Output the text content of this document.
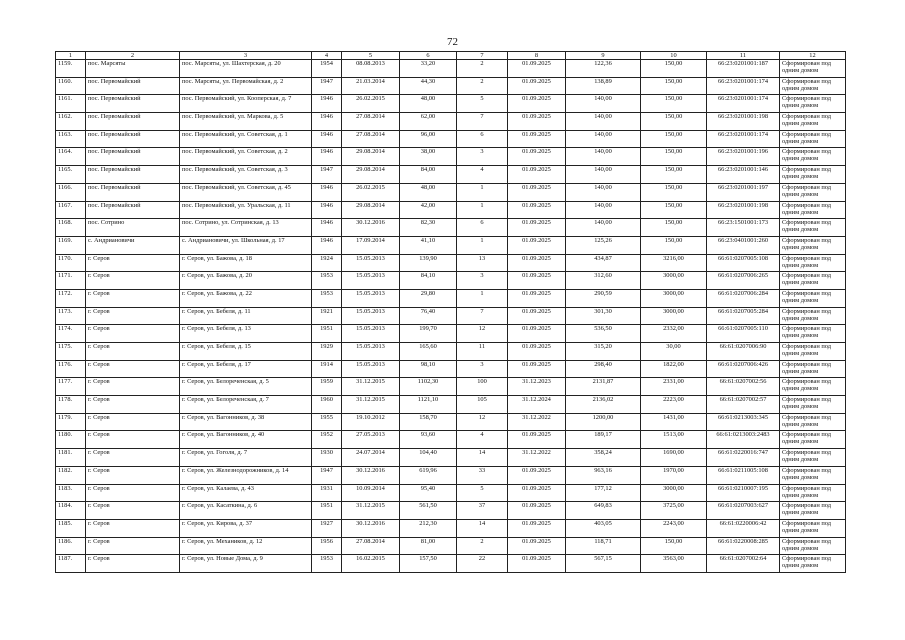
72
1	2	3	4	5	6	7	8	9	10	11	12
1159.	пос. Марсяты	пос. Марсяты, ул. Шахтерская, д. 20	1954	08.08.2013	33,20	2	01.09.2025	122,36	150,00	66:23:0201001:187	Сформирован под одним домом
1160.	пос. Первомайский	пос. Марсяты, ул. Первомайская, д. 2	1947	21.03.2014	44,30	2	01.09.2025	138,89	150,00	66:23:0201001:174	Сформирован под одним домом
1161.	пос. Первомайский	пос. Первомайский, ул. Кооперская, д. 7	1946	26.02.2015	48,00	5	01.09.2025	140,00	150,00	66:23:0201001:174	Сформирован под одним домом
1162.	пос. Первомайский	пос. Первомайский, ул. Маркова, д. 5	1946	27.08.2014	62,00	7	01.09.2025	140,00	150,00	66:23:0201001:198	Сформирован под одним домом
1163.	пос. Первомайский	пос. Первомайский, ул. Советская, д. 1	1946	27.08.2014	96,00	6	01.09.2025	140,00	150,00	66:23:0201001:174	Сформирован под одним домом
1164.	пос. Первомайский	пос. Первомайский, ул. Советская, д. 2	1946	29.08.2014	38,00	3	01.09.2025	140,00	150,00	66:23:0201001:196	Сформирован под одним домом
1165.	пос. Первомайский	пос. Первомайский, ул. Советская, д. 3	1947	29.08.2014	84,00	4	01.09.2025	140,00	150,00	66:23:0201001:146	Сформирован под одним домом
1166.	пос. Первомайский	пос. Первомайский, ул. Советская, д. 45	1946	26.02.2015	48,00	1	01.09.2025	140,00	150,00	66:23:0201001:197	Сформирован под одним домом
1167.	пос. Первомайский	пос. Первомайский, ул. Уральская, д. 11	1946	29.08.2014	42,00	1	01.09.2025	140,00	150,00	66:23:0201001:198	Сформирован под одним домом
1168.	пос. Сотрино	пос. Сотрино, ул. Сотринская, д. 13	1946	30.12.2016	82,30	6	01.09.2025	140,00	150,00	66:23:1501001:173	Сформирован под одним домом
1169.	с. Андриановичи	с. Андриановичи, ул. Школьная, д. 17	1946	17.09.2014	41,10	1	01.09.2025	125,26	150,00	66:23:0401001:260	Сформирован под одним домом
1170.	г. Серов	г. Серов, ул. Бажова, д. 18	1924	15.05.2013	139,90	13	01.09.2025	434,87	3216,00	66:61:0207005:108	Сформирован под одним домом
1171.	г. Серов	г. Серов, ул. Бажова, д. 20	1953	15.05.2013	84,10	3	01.09.2025	312,60	3000,00	66:61:0207006:265	Сформирован под одним домом
1172.	г. Серов	г. Серов, ул. Бажова, д. 22	1953	15.05.2013	29,80	1	01.09.2025	290,59	3000,00	66:61:0207006:284	Сформирован под одним домом
1173.	г. Серов	г. Серов, ул. Бебеля, д. 11	1921	15.05.2013	76,40	7	01.09.2025	301,30	3000,00	66:61:0207005:284	Сформирован под одним домом
1174.	г. Серов	г. Серов, ул. Бебеля, д. 13	1951	15.05.2013	199,70	12	01.09.2025	536,50	2332,00	66:61:0207005:110	Сформирован под одним домом
1175.	г. Серов	г. Серов, ул. Бебеля, д. 15	1929	15.05.2013	165,60	11	01.09.2025	315,20	30,00	66:61:0207006:90	Сформирован под одним домом
1176.	г. Серов	г. Серов, ул. Бебеля, д. 17	1914	15.05.2013	98,10	3	01.09.2025	298,40	1822,00	66:61:0207006:426	Сформирован под одним домом
1177.	г. Серов	г. Серов, ул. Белореченская, д. 5	1959	31.12.2015	1102,30	100	31.12.2023	2131,87	2331,00	66:61:0207002:56	Сформирован под одним домом
1178.	г. Серов	г. Серов, ул. Белореченская, д. 7	1960	31.12.2015	1121,10	105	31.12.2024	2136,02	2223,00	66:61:0207002:57	Сформирован под одним домом
1179.	г. Серов	г. Серов, ул. Вагонников, д. 38	1955	19.10.2012	158,70	12	31.12.2022	1200,00	1431,00	66:61:0213003:345	Сформирован под одним домом
1180.	г. Серов	г. Серов, ул. Вагонников, д. 40	1952	27.05.2013	93,60	4	01.09.2025	189,17	1513,00	66:61:0213003:2483	Сформирован под одним домом
1181.	г. Серов	г. Серов, ул. Гоголя, д. 7	1930	24.07.2014	104,40	14	31.12.2022	358,24	1690,00	66:61:0220016:747	Сформирован под одним домом
1182.	г. Серов	г. Серов, ул. Железнодорожников, д. 14	1947	30.12.2016	619,96	33	01.09.2025	963,16	1970,00	66:61:0211005:108	Сформирован под одним домом
1183.	г. Серов	г. Серов, ул. Калаева, д. 43	1931	10.09.2014	95,40	5	01.09.2025	177,12	3000,00	66:61:0210007:195	Сформирован под одним домом
1184.	г. Серов	г. Серов, ул. Касаткина, д. 6	1951	31.12.2015	561,50	37	01.09.2025	649,83	3725,00	66:61:0207003:627	Сформирован под одним домом
1185.	г. Серов	г. Серов, ул. Кирова, д. 37	1927	30.12.2016	212,30	14	01.09.2025	403,05	2243,00	66:61:0220006:42	Сформирован под одним домом
1186.	г. Серов	г. Серов, ул. Механиков, д. 12	1956	27.08.2014	81,00	2	01.09.2025	118,71	150,00	66:61:0220008:285	Сформирован под одним домом
1187.	г. Серов	г. Серов, ул. Новые Дома, д. 9	1953	16.02.2015	157,50	22	01.09.2025	567,15	3563,00	66:61:0207002:64	Сформирован под одним домом
